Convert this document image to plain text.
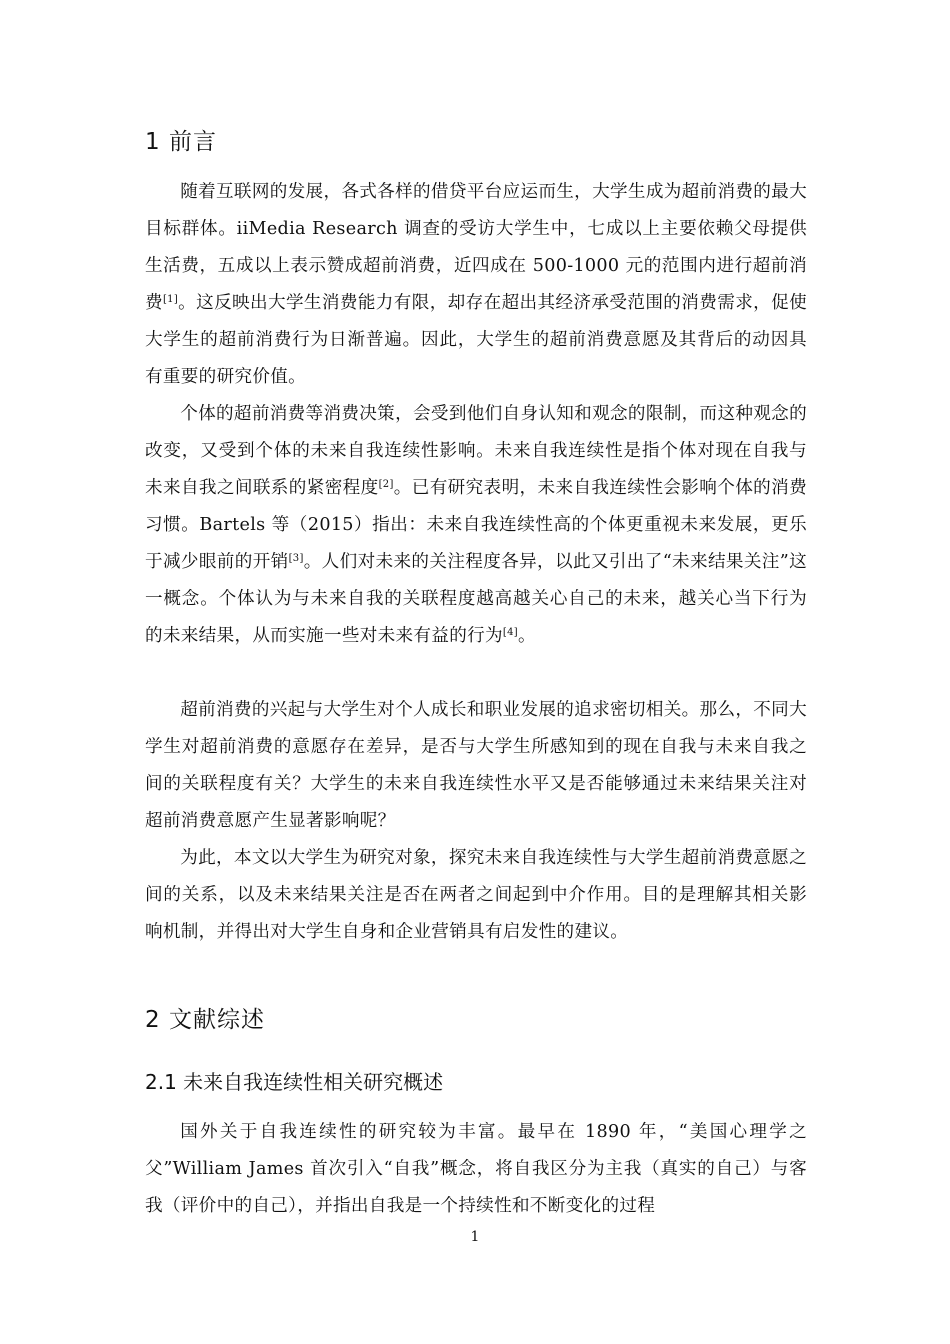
1 前言

随着互联网的发展，各式各样的借贷平台应运而生，大学生成为超前消费的最大目标群体。iiMedia Research 调查的受访大学生中，七成以上主要依赖父母提供生活费，五成以上表示赞成超前消费，近四成在 500-1000 元的范围内进行超前消费[1]。这反映出大学生消费能力有限，却存在超出其经济承受范围的消费需求，促使大学生的超前消费行为日渐普遍。因此，大学生的超前消费意愿及其背后的动因具有重要的研究价值。

个体的超前消费等消费决策，会受到他们自身认知和观念的限制，而这种观念的改变，又受到个体的未来自我连续性影响。未来自我连续性是指个体对现在自我与未来自我之间联系的紧密程度[2]。已有研究表明，未来自我连续性会影响个体的消费习惯。Bartels 等（2015）指出：未来自我连续性高的个体更重视未来发展，更乐于减少眼前的开销[3]。人们对未来的关注程度各异，以此又引出了“未来结果关注”这一概念。个体认为与未来自我的关联程度越高越关心自己的未来，越关心当下行为的未来结果，从而实施一些对未来有益的行为[4]。

超前消费的兴起与大学生对个人成长和职业发展的追求密切相关。那么，不同大学生对超前消费的意愿存在差异，是否与大学生所感知到的现在自我与未来自我之间的关联程度有关？大学生的未来自我连续性水平又是否能够通过未来结果关注对超前消费意愿产生显著影响呢？

为此，本文以大学生为研究对象，探究未来自我连续性与大学生超前消费意愿之间的关系，以及未来结果关注是否在两者之间起到中介作用。目的是理解其相关影响机制，并得出对大学生自身和企业营销具有启发性的建议。

2 文献综述
2.1 未来自我连续性相关研究概述

国外关于自我连续性的研究较为丰富。最早在 1890 年，“美国心理学之父”William James 首次引入“自我”概念，将自我区分为主我（真实的自己）与客我（评价中的自己），并指出自我是一个持续性和不断变化的过程

1
